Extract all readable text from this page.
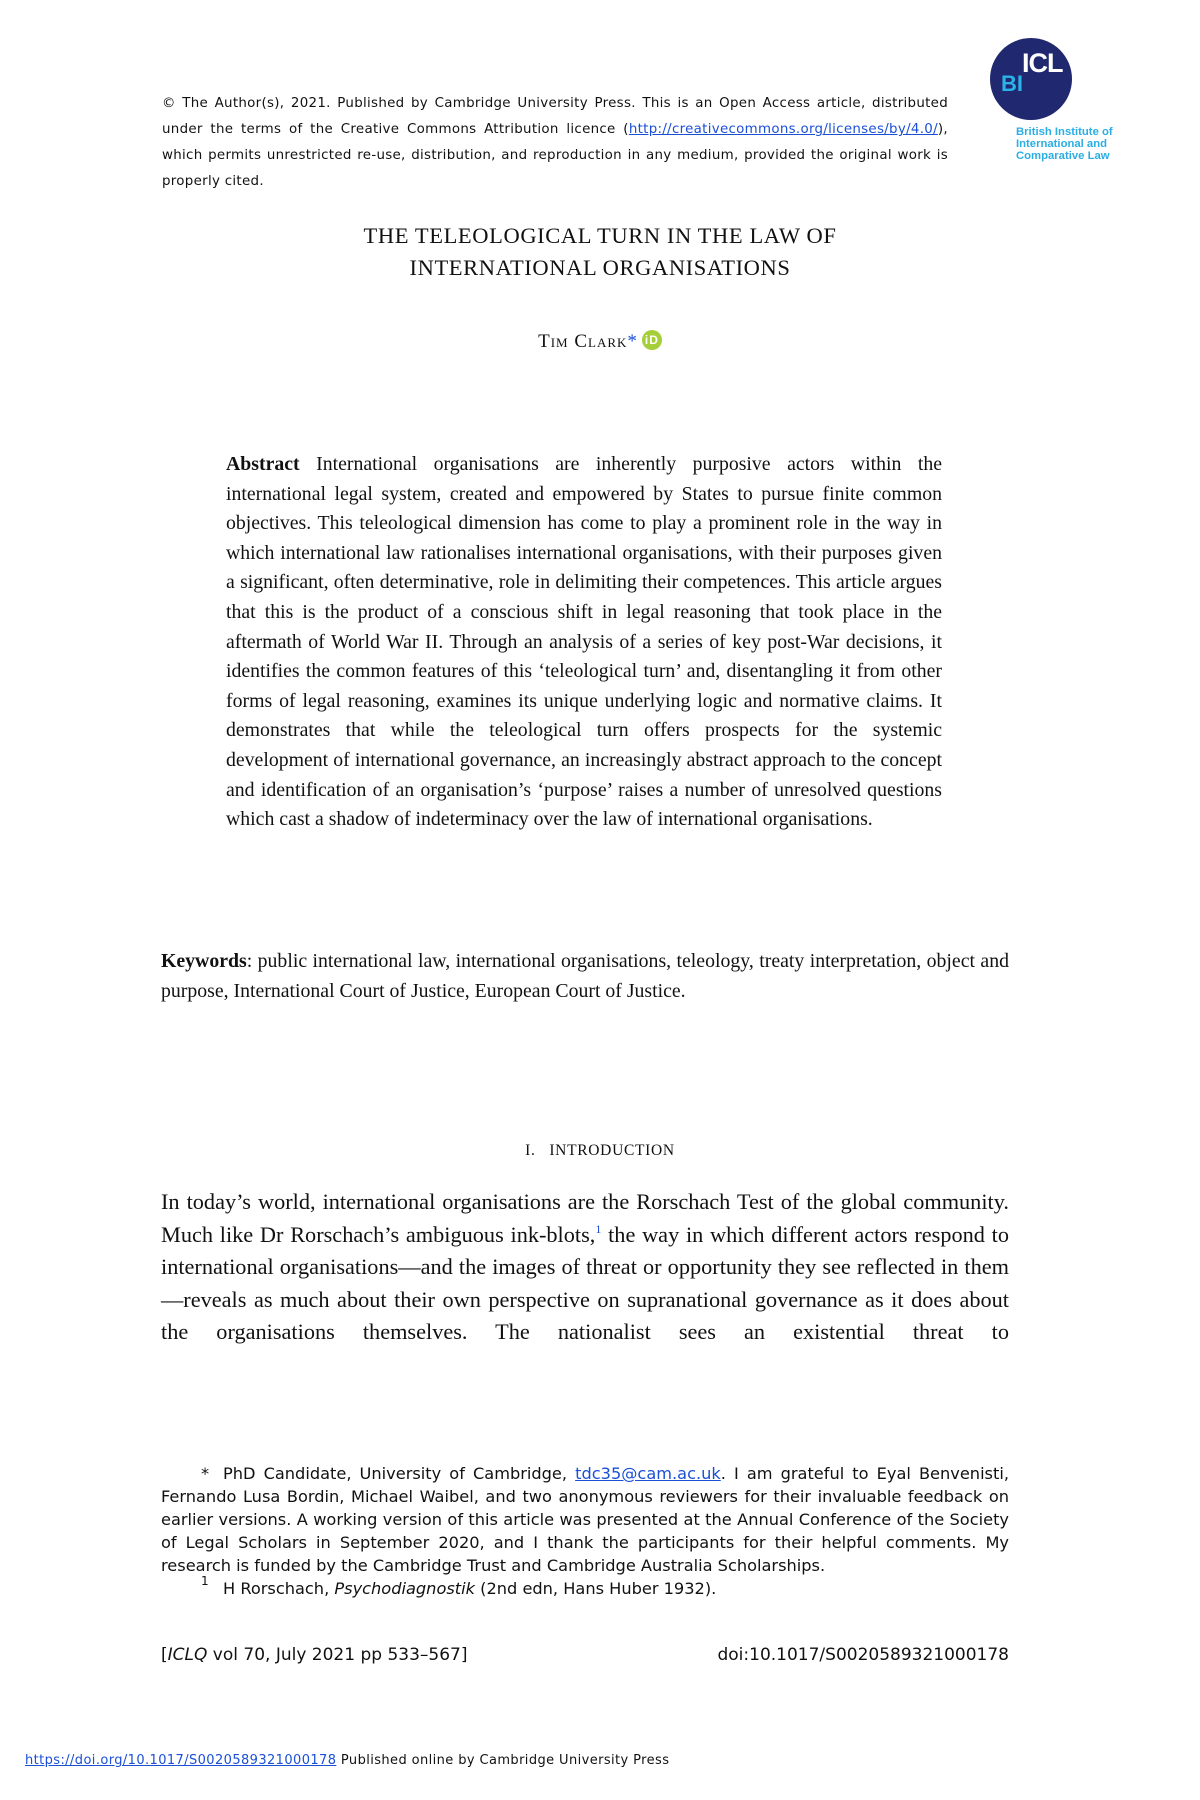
© The Author(s), 2021. Published by Cambridge University Press. This is an Open Access article, distributed under the terms of the Creative Commons Attribution licence (http://creativecommons.org/licenses/by/4.0/), which permits unrestricted re-use, distribution, and reproduction in any medium, provided the original work is properly cited.
ICL
BI
British Institute of
International and
Comparative Law
THE TELEOLOGICAL TURN IN THE LAW OF
INTERNATIONAL ORGANISATIONS
Tim Clark* iD
Abstract International organisations are inherently purposive actors within the international legal system, created and empowered by States to pursue finite common objectives. This teleological dimension has come to play a prominent role in the way in which international law rationalises international organisations, with their purposes given a significant, often determinative, role in delimiting their competences. This article argues that this is the product of a conscious shift in legal reasoning that took place in the aftermath of World War II. Through an analysis of a series of key post-War decisions, it identifies the common features of this ‘teleological turn’ and, disentangling it from other forms of legal reasoning, examines its unique underlying logic and normative claims. It demonstrates that while the teleological turn offers prospects for the systemic development of international governance, an increasingly abstract approach to the concept and identification of an organisation’s ‘purpose’ raises a number of unresolved questions which cast a shadow of indeterminacy over the law of international organisations.
Keywords: public international law, international organisations, teleology, treaty interpretation, object and purpose, International Court of Justice, European Court of Justice.
I.   INTRODUCTION
In today’s world, international organisations are the Rorschach Test of the global community. Much like Dr Rorschach’s ambiguous ink-blots,$^1$ the way in which different actors respond to international organisations—and the images of threat or opportunity they see reflected in them—reveals as much about their own perspective on supranational governance as it does about the organisations themselves. The nationalist sees an existential threat to

* PhD Candidate, University of Cambridge, tdc35@cam.ac.uk. I am grateful to Eyal Benvenisti, Fernando Lusa Bordin, Michael Waibel, and two anonymous reviewers for their invaluable feedback on earlier versions. A working version of this article was presented at the Annual Conference of the Society of Legal Scholars in September 2020, and I thank the participants for their helpful comments. My research is funded by the Cambridge Trust and Cambridge Australia Scholarships.

$^1$ H Rorschach, Psychodiagnostik (2nd edn, Hans Huber 1932).

[ICLQ vol 70, July 2021 pp 533–567]	doi:10.1017/S0020589321000178
https://doi.org/10.1017/S0020589321000178 Published online by Cambridge University Press
